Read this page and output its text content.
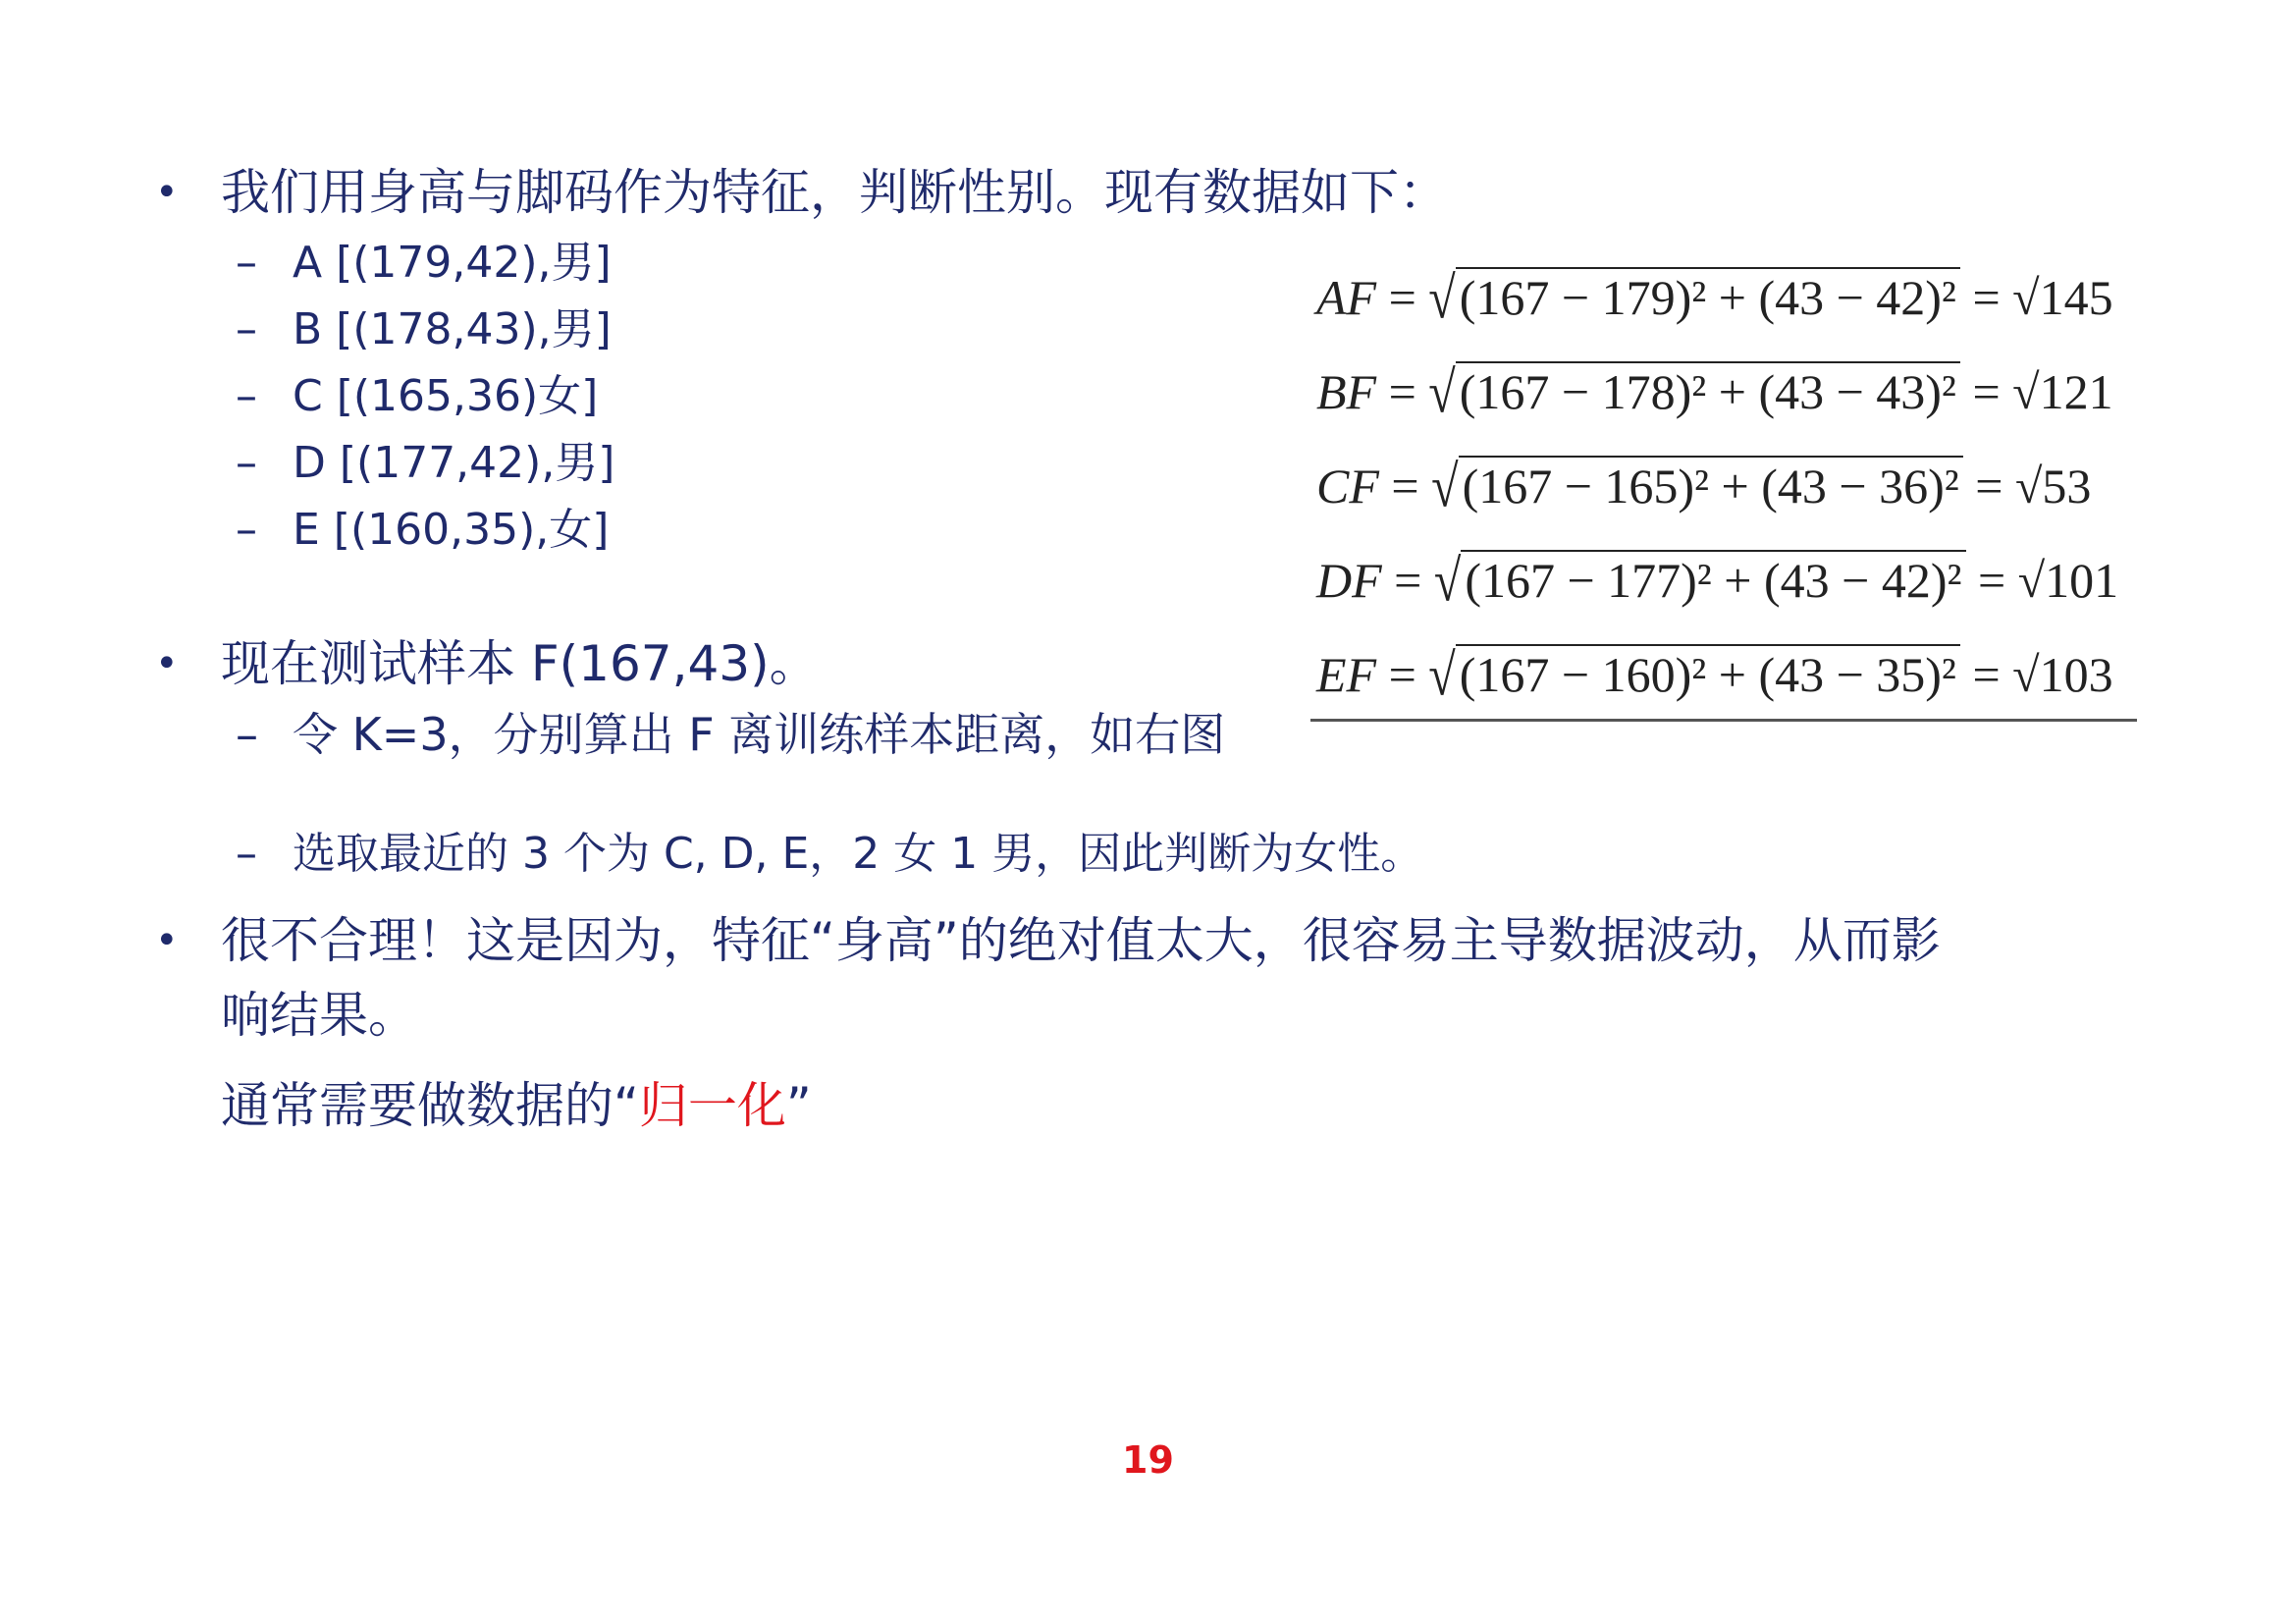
• 我们用身高与脚码作为特征，判断性别。现有数据如下：
– A [(179,42),男]
– B [(178,43),男]
– C [(165,36)女]
– D [(177,42),男]
– E [(160,35),女]
• 现在测试样本 F(167,43)。
– 令 K=3，分别算出 F 离训练样本距离，如右图
– 选取最近的 3 个为 C, D, E，2 女 1 男，因此判断为女性。
• 很不合理！这是因为，特征“身高”的绝对值太大，很容易主导数据波动，从而影
响结果。
通常需要做数据的“归一化”
AF = √(167 − 179)² + (43 − 42)² = √145
BF = √(167 − 178)² + (43 − 43)² = √121
CF = √(167 − 165)² + (43 − 36)² = √53
DF = √(167 − 177)² + (43 − 42)² = √101
EF = √(167 − 160)² + (43 − 35)² = √103
19
